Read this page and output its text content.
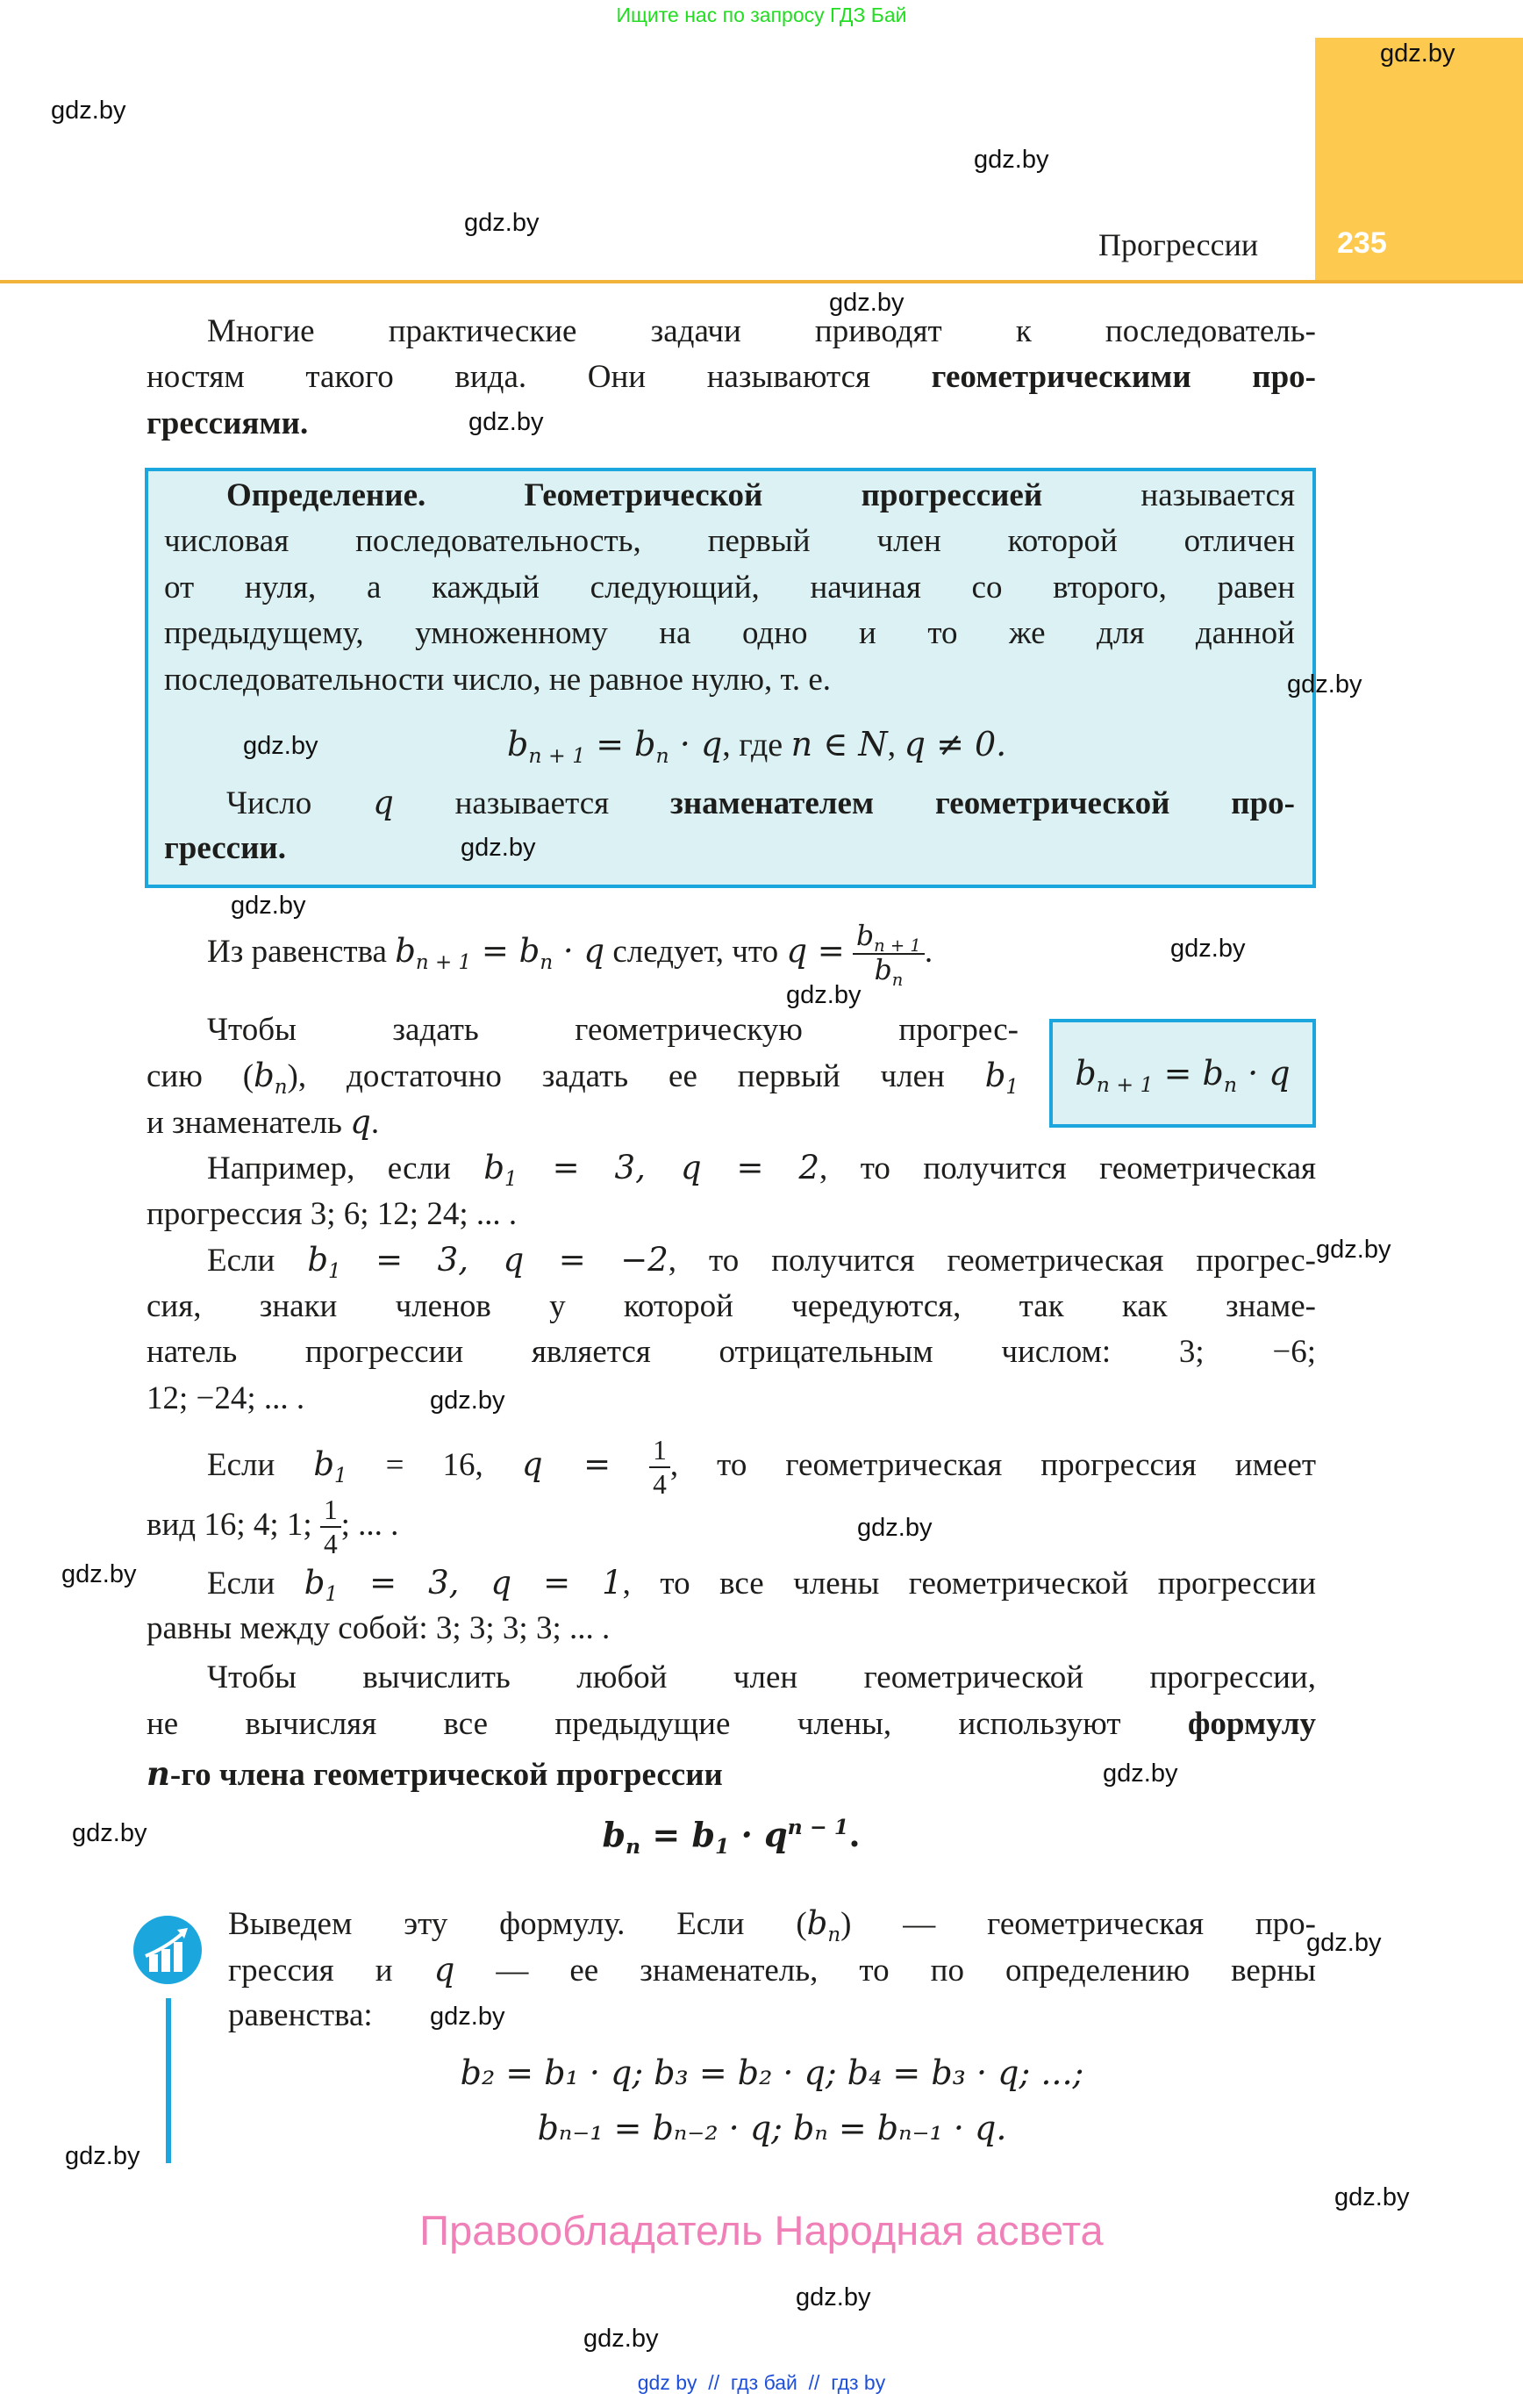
Ищите нас по запросу ГДЗ Бай
Прогрессии	235
Многие практические задачи приводят к последователь-
ностям такого вида. Они называются геометрическими про-
грессиями.
Определение. Геометрической прогрессией называется
числовая последовательность, первый член которой отличен
от нуля, а каждый следующий, начиная со второго, равен
предыдущему, умноженному на одно и то же для данной
последовательности число, не равное нулю, т. е.
$b_{n + 1} = b_n \cdot q$, где n ∈ N, q ≠ 0.
Число q называется знаменателем геометрической про-
грессии.
Из равенства $b_{n + 1} = b_n \cdot q$ следует, что $q = \frac{b_{n + 1}}{b_n}$ .
$b_{n + 1} = b_n \cdot q$
Чтобы задать геометрическую прогрес-
сию $(b_n)$, достаточно задать ее первый член $b_1$
и знаменатель q.
Например, если $b_1 = 3$, q = 2, то получится геометрическая
прогрессия 3; 6; 12; 24; ... .
Если $b_1 = 3$, q = −2, то получится геометрическая прогрес-
сия, знаки членов у которой чередуются, так как знаме-
натель прогрессии является отрицательным числом: 3; −6;
12; −24; ... .
Если $b_1 = 16$, $q = \frac{1}{4}$ , то геометрическая прогрессия имеет
вид 16; 4; 1; $\frac{1}{4}$ ; ... .
Если $b_1 = 3$, q = 1, то все члены геометрической прогрессии
равны между собой: 3; 3; 3; 3; ... .
Чтобы вычислить любой член геометрической прогрессии,
не вычисляя все предыдущие члены, используют формулу
n-го члена геометрической прогрессии
$b_n = b_1 \cdot q^{n - 1}$.
Выведем эту формулу. Если $(b_n)$ — геометрическая про-
грессия и q — ее знаменатель, то по определению верны
равенства:
b₂ = b₁ · q; b₃ = b₂ · q; b₄ = b₃ · q; ...;
bₙ₋₁ = bₙ₋₂ · q; bₙ = bₙ₋₁ · q.
Правообладатель Народная асвета
gdz by  //  гдз бай  //  гдз by
gdz.by
gdz.by
gdz.by
gdz.by
gdz.by
gdz.by
gdz.by
gdz.by
gdz.by
gdz.by
gdz.by
gdz.by
gdz.by
gdz.by
gdz.by
gdz.by
gdz.by
gdz.by
gdz.by
gdz.by
gdz.by
gdz.by
gdz.by
gdz.by
